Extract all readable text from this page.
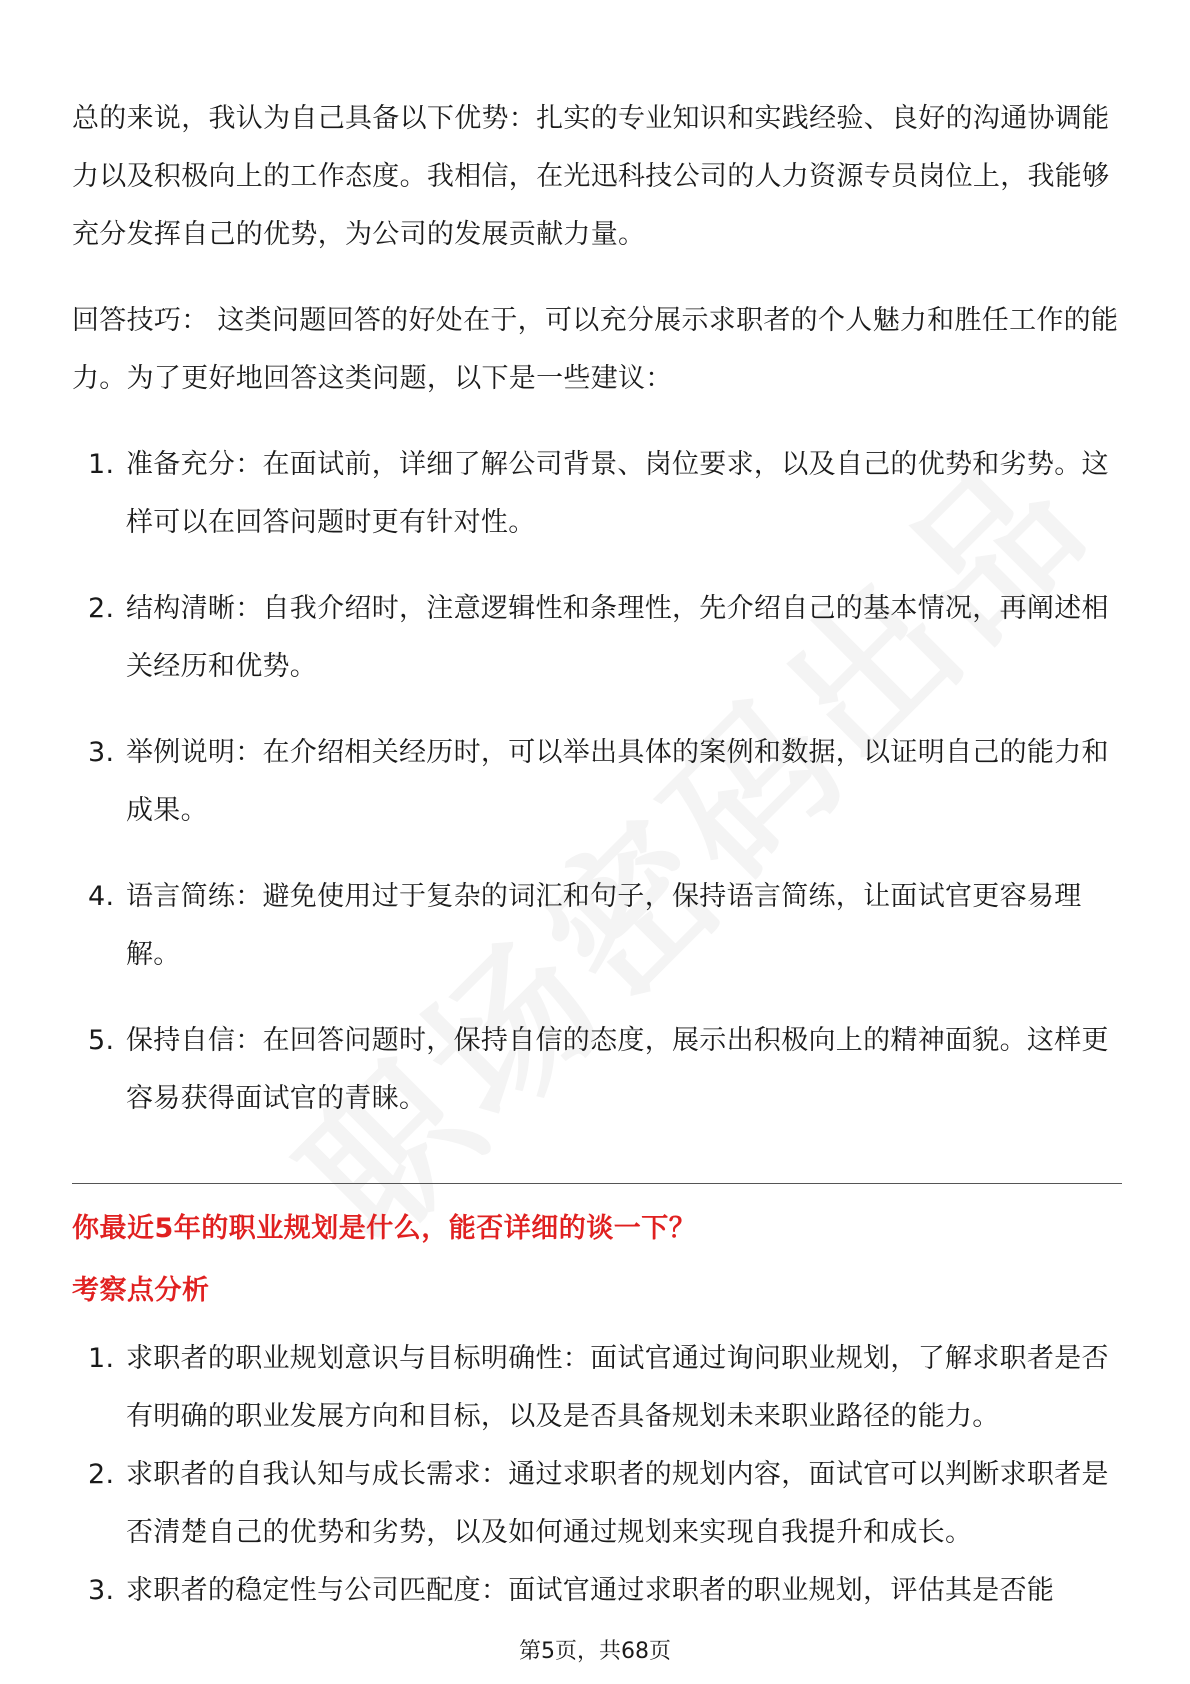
总的来说，我认为自己具备以下优势：扎实的专业知识和实践经验、良好的沟通协调能力以及积极向上的工作态度。我相信，在光迅科技公司的人力资源专员岗位上，我能够充分发挥自己的优势，为公司的发展贡献力量。

回答技巧： 这类问题回答的好处在于，可以充分展示求职者的个人魅力和胜任工作的能力。为了更好地回答这类问题，以下是一些建议：

1. 准备充分：在面试前，详细了解公司背景、岗位要求，以及自己的优势和劣势。这样可以在回答问题时更有针对性。
2. 结构清晰：自我介绍时，注意逻辑性和条理性，先介绍自己的基本情况，再阐述相关经历和优势。
3. 举例说明：在介绍相关经历时，可以举出具体的案例和数据，以证明自己的能力和成果。
4. 语言简练：避免使用过于复杂的词汇和句子，保持语言简练，让面试官更容易理解。
5. 保持自信：在回答问题时，保持自信的态度，展示出积极向上的精神面貌。这样更容易获得面试官的青睐。
你最近5年的职业规划是什么，能否详细的谈一下？
考察点分析
1. 求职者的职业规划意识与目标明确性：面试官通过询问职业规划，了解求职者是否有明确的职业发展方向和目标，以及是否具备规划未来职业路径的能力。
2. 求职者的自我认知与成长需求：通过求职者的规划内容，面试官可以判断求职者是否清楚自己的优势和劣势，以及如何通过规划来实现自我提升和成长。
3. 求职者的稳定性与公司匹配度：面试官通过求职者的职业规划，评估其是否能
第5页，共68页
